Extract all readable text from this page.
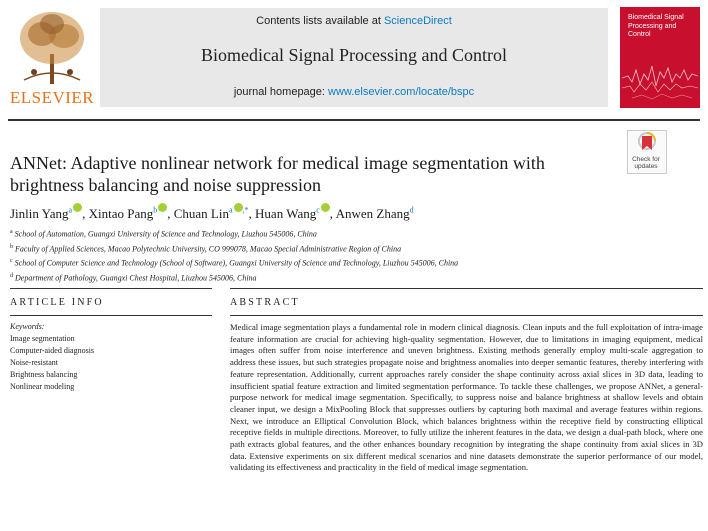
ELSEVIER
Contents lists available at ScienceDirect
Biomedical Signal Processing and Control
journal homepage: www.elsevier.com/locate/bspc
Biomedical Signal Processing and Control
Check for
updates
ANNet: Adaptive nonlinear network for medical image segmentation with
brightness balancing and noise suppression
Jinlin Yang$^a$ , Xintao Pang$^b$ , Chuan Lin$^a$ ,*, Huan Wang$^c$ , Anwen Zhang$^d$
$^a$ School of Automation, Guangxi University of Science and Technology, Liuzhou 545006, China
$^b$ Faculty of Applied Sciences, Macao Polytechnic University, CO 999078, Macao Special Administrative Region of China
$^c$ School of Computer Science and Technology (School of Software), Guangxi University of Science and Technology, Liuzhou 545006, China
$^d$ Department of Pathology, Guangxi Chest Hospital, Liuzhou 545006, China
ARTICLE INFO
Keywords:
Image segmentation
Computer-aided diagnosis
Noise-resistant
Brightness balancing
Nonlinear modeling
ABSTRACT
Medical image segmentation plays a fundamental role in modern clinical diagnosis. Clean inputs and the full exploitation of intra-image feature information are crucial for achieving high-quality segmentation. However, due to limitations in imaging equipment, medical images often suffer from noise interference and uneven brightness. Existing methods generally employ multi-scale aggregation to address these issues, but such strategies propagate noise and brightness anomalies into deeper semantic features, thereby interfering with feature representation. Additionally, current approaches rarely consider the shape continuity across axial slices in 3D data, leading to insufficient spatial feature extraction and limited segmentation performance. To tackle these challenges, we propose ANNet, a general-purpose network for medical image segmentation. Specifically, to suppress noise and balance brightness at shallow levels and obtain cleaner input, we design a MixPooling Block that suppresses outliers by capturing both maximal and average features within regions. Next, we introduce an Elliptical Convolution Block, which balances brightness within the receptive field by constructing elliptical receptive fields in multiple directions. Moreover, to fully utilize the inherent features in the data, we design a dual-path block, where one path extracts global features, and the other enhances boundary recognition by integrating the shape continuity from axial slices in 3D data. Extensive experiments on six different medical scenarios and nine datasets demonstrate the superior performance of our model, validating its effectiveness and practicality in the field of medical image segmentation.
